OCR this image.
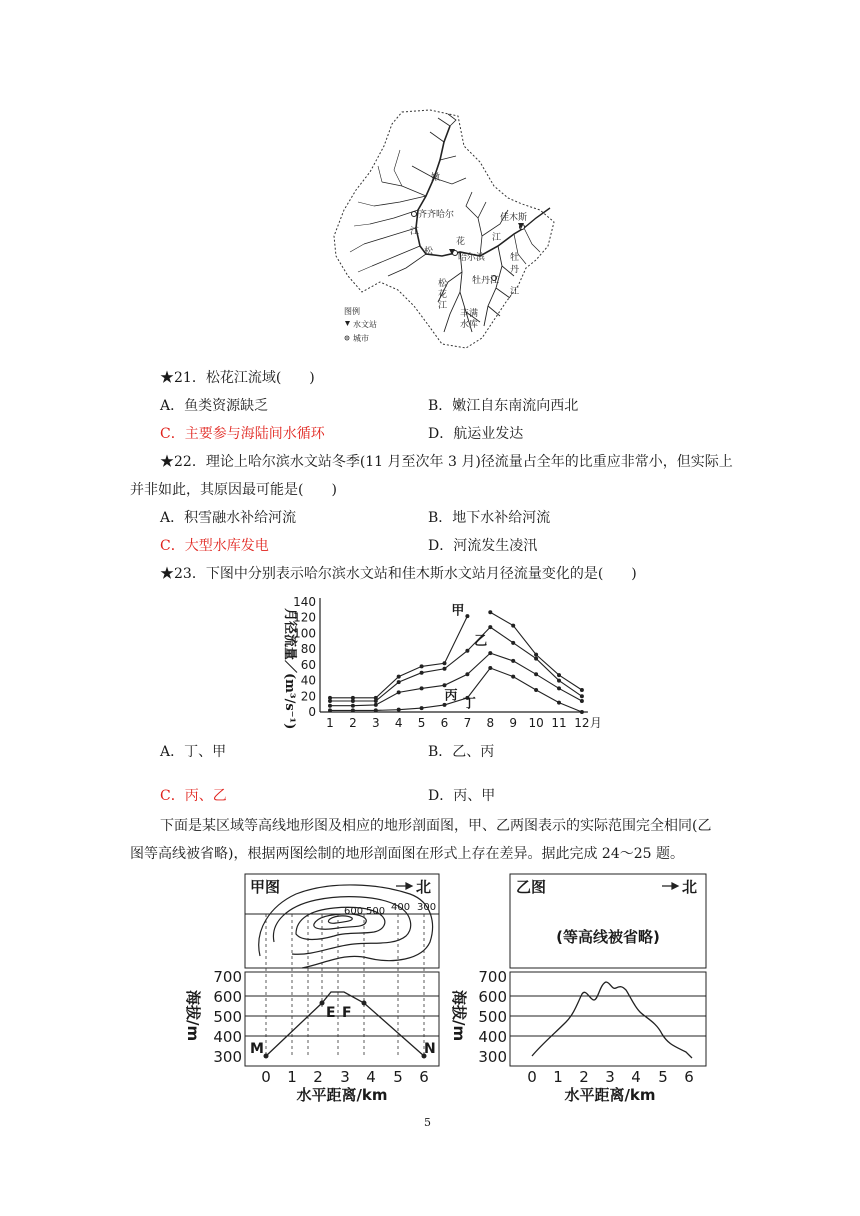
嫩
齐齐哈尔
江
松
花
哈尔滨
佳木斯
江
牡
丹
牡丹江
江
松
花
江
丰满
水库
图例
水文站
城市
★21．松花江流域(　　)
A．鱼类资源缺乏	B．嫩江自东南流向西北
C．主要参与海陆间水循环	D．航运业发达
★22．理论上哈尔滨水文站冬季(11 月至次年 3 月)径流量占全年的比重应非常小，但实际上
并非如此，其原因最可能是(　　)
A．积雪融水补给河流	B．地下水补给河流
C．大型水库发电	D．河流发生凌汛
★23．下图中分别表示哈尔滨水文站和佳木斯水文站月径流量变化的是(　　)
0
20
40
60
80
100
120
140
1 2 3 4 5 6 7 8 9 10 11 12 月
甲
乙
丙
丁
月径流量／(m³/s⁻¹)
A．丁、甲	B．乙、丙
C．丙、乙	D．丙、甲
下面是某区域等高线地形图及相应的地形剖面图，甲、乙两图表示的实际范围完全相同(乙
图等高线被省略)，根据两图绘制的地形剖面图在形式上存在差异。据此完成 24～25 题。
甲图	北
600 500 400 300
海拔/m
700
600
500
400
300 M
E F
N
0 1 2 3 4 5 6
水平距离/km
乙图	北
(等高线被省略)
海拔/m
700
600
500
400
300
0 1 2 3 4 5 6
水平距离/km
5
